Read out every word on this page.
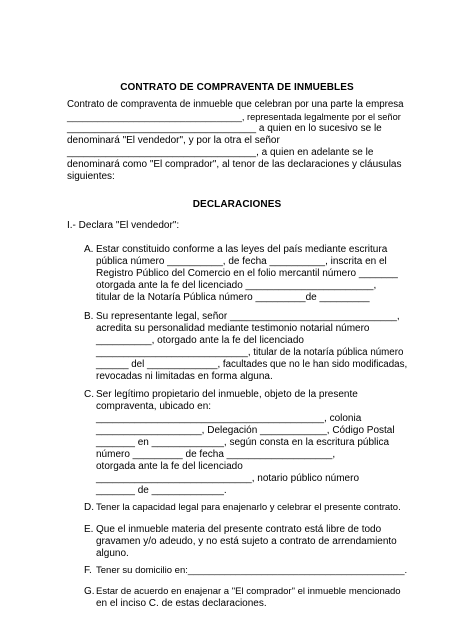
CONTRATO DE COMPRAVENTA DE INMUEBLES
Contrato de compraventa de inmueble que celebran por una parte la empresa
__________________________________, representada legalmente por el señor
__________________________________ a quien en lo sucesivo se le
denominará "El vendedor", y por la otra el señor
__________________________________, a quien en adelante se le
denominará como "El comprador", al tenor de las declaraciones y cláusulas
siguientes:
DECLARACIONES
I.- Declara "El vendedor":
A. Estar constituido conforme a las leyes del país mediante escritura
pública número __________, de fecha __________, inscrita en el
Registro Público del Comercio en el folio mercantil número _______
otorgada ante la fe del licenciado _______________________,
titular de la Notaría Pública número _________de _________
B. Su representante legal, señor ______________________________,
acredita su personalidad mediante testimonio notarial número
__________, otorgado ante la fe del licenciado
____________________________, titular de la notaría pública número
______ del _____________, facultades que no le han sido modificadas,
revocadas ni limitadas en forma alguna.
C. Ser legítimo propietario del inmueble, objeto de la presente
compraventa, ubicado en:
_________________________________________, colonia
___________________, Delegación ____________, Código Postal
_______ en _____________, según consta en la escritura pública
número _________ de fecha ___________________,
otorgada ante la fe del licenciado
____________________________, notario público número
_______ de _____________.
D. Tener la capacidad legal para enajenarlo y celebrar el presente contrato.
E. Que el inmueble materia del presente contrato está libre de todo
gravamen y/o adeudo, y no está sujeto a contrato de arrendamiento
alguno.
F. Tener su domicilio en:_________________________________________.
G. Estar de acuerdo en enajenar a "El comprador" el inmueble mencionado
en el inciso C. de estas declaraciones.
